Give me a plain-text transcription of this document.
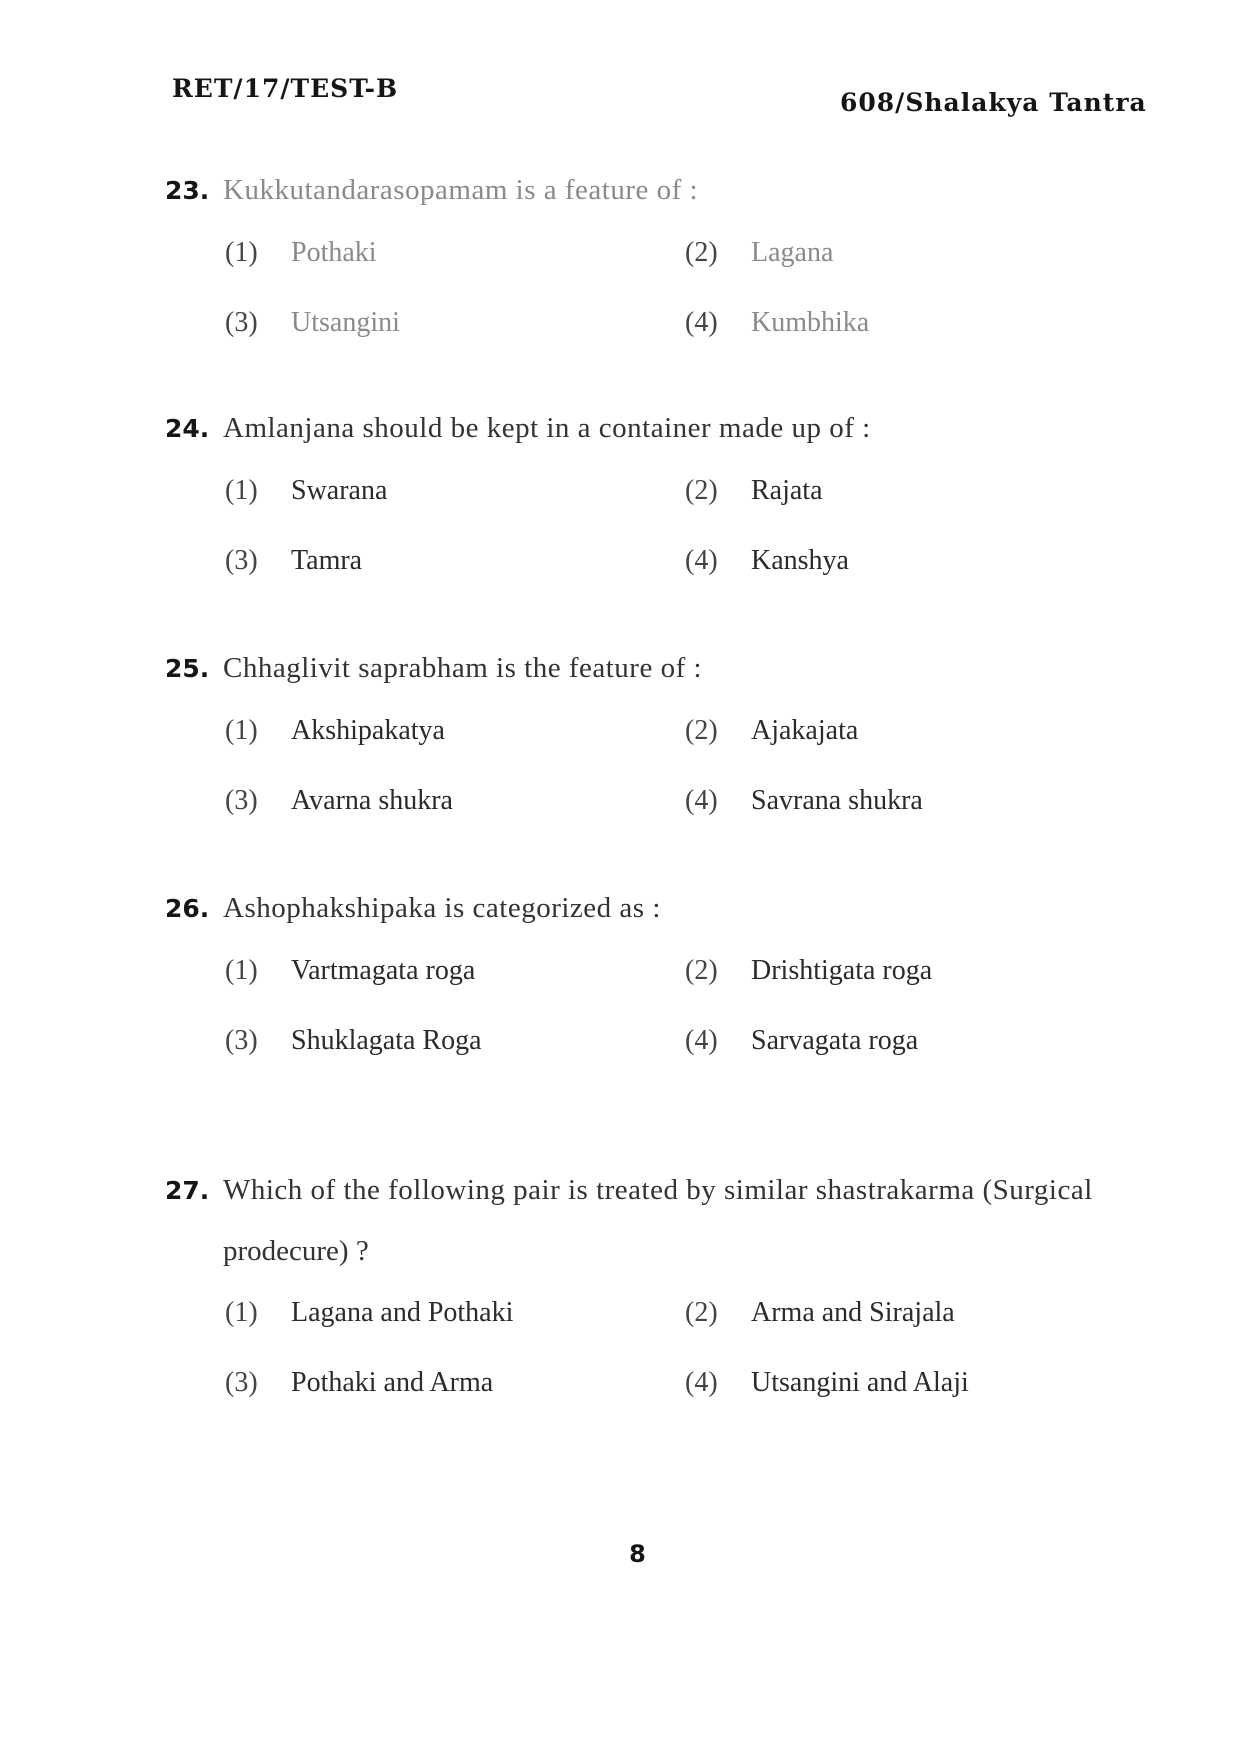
RET/17/TEST-B	608/Shalakya Tantra
23. Kukkutandarasopamam is a feature of :
(1)	Pothaki	(2)	Lagana
(3)	Utsangini	(4)	Kumbhika
24. Amlanjana should be kept in a container made up of :
(1)	Swarana	(2)	Rajata
(3)	Tamra	(4)	Kanshya
25. Chhaglivit saprabham is the feature of :
(1)	Akshipakatya	(2)	Ajakajata
(3)	Avarna shukra	(4)	Savrana shukra
26. Ashophakshipaka is categorized as :
(1)	Vartmagata roga	(2)	Drishtigata roga
(3)	Shuklagata Roga	(4)	Sarvagata roga
27. Which of the following pair is treated by similar shastrakarma (Surgical
prodecure) ?
(1)	Lagana and Pothaki	(2)	Arma and Sirajala
(3)	Pothaki and Arma	(4)	Utsangini and Alaji
8
